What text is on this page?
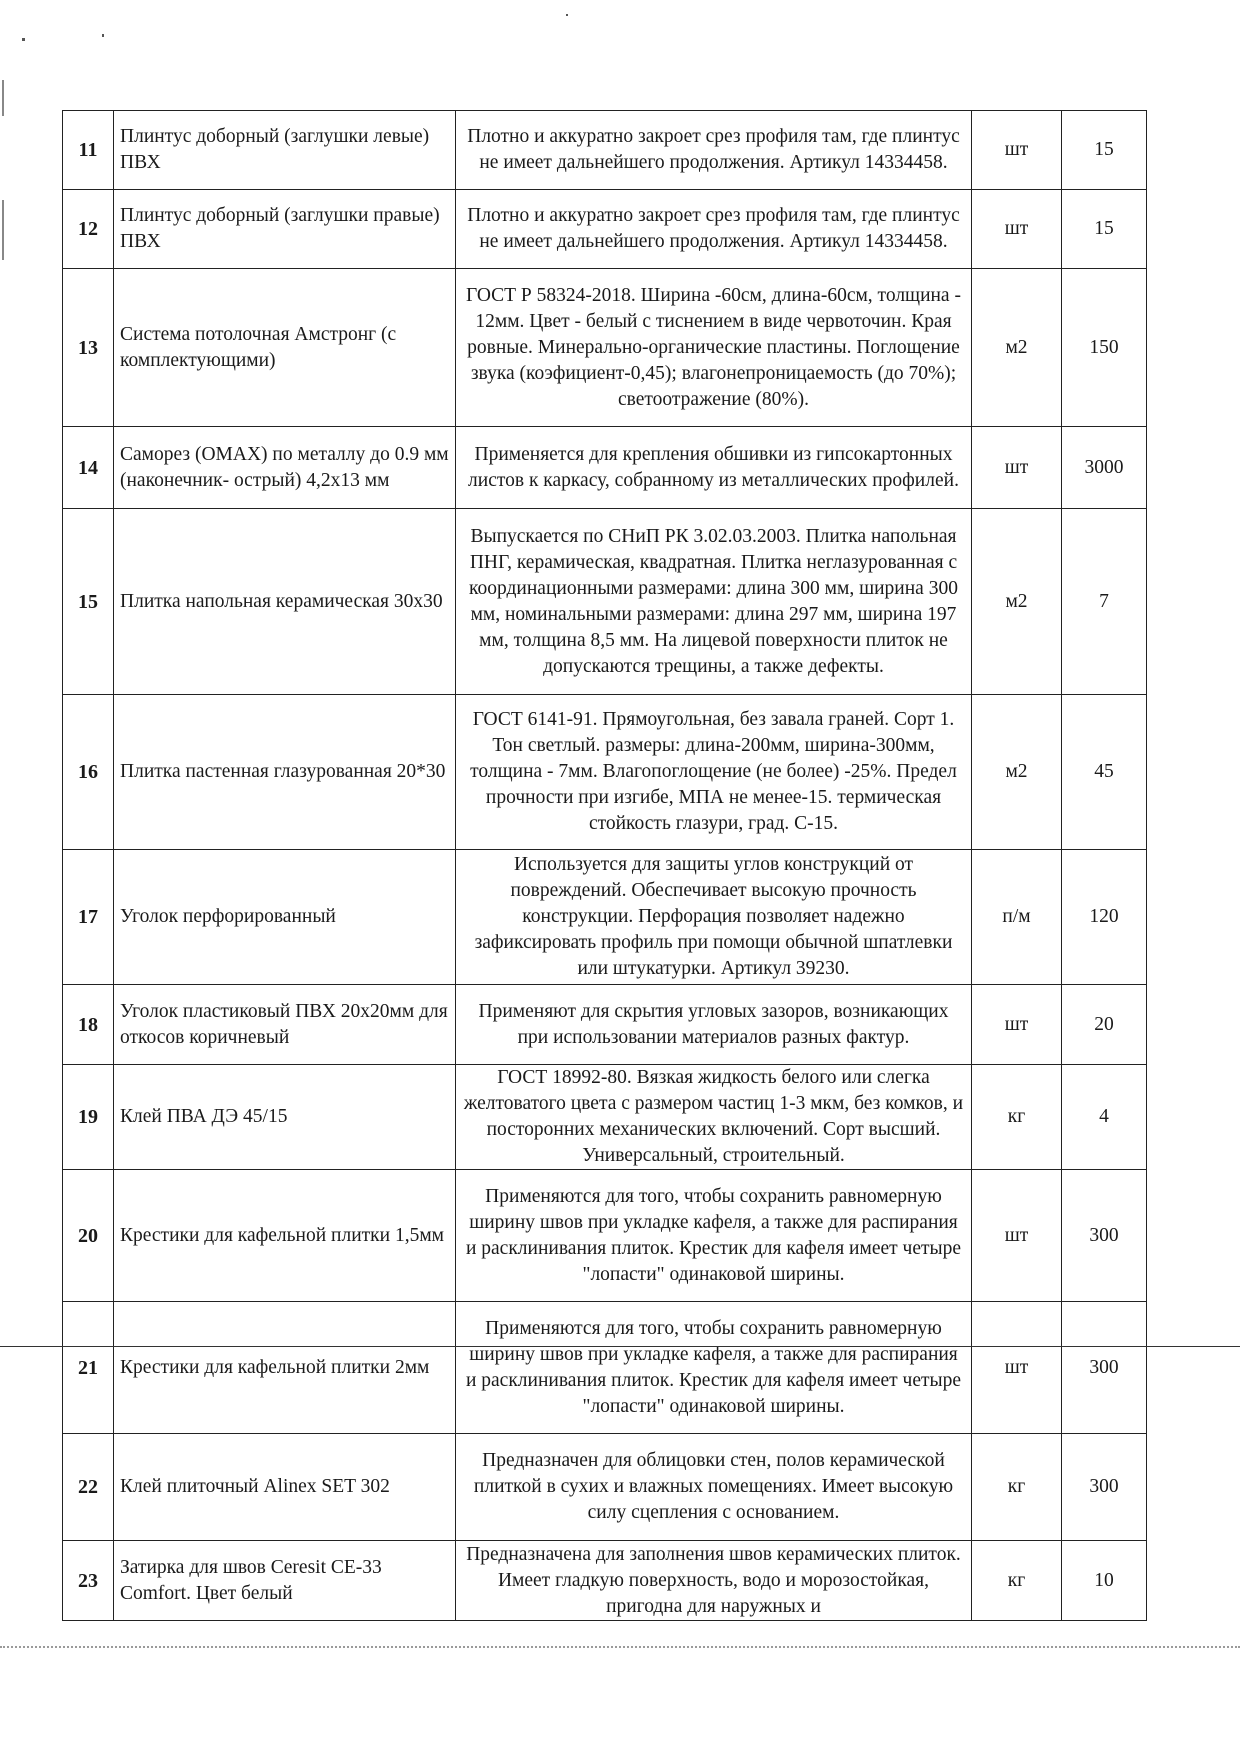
11	Плинтус доборный (заглушки левые) ПВХ	Плотно и аккуратно закроет срез профиля там, где плинтус не имеет дальнейшего продолжения. Артикул 14334458.	шт	15
12	Плинтус доборный (заглушки правые) ПВХ	Плотно и аккуратно закроет срез профиля там, где плинтус не имеет дальнейшего продолжения. Артикул 14334458.	шт	15
13	Система потолочная Амстронг (с комплектующими)	ГОСТ Р 58324-2018. Ширина -60см, длина-60см, толщина - 12мм. Цвет - белый с тиснением в виде червоточин. Края ровные. Минерально-органические пластины. Поглощение звука (коэфициент-0,45); влагонепроницаемость (до 70%); светоотражение (80%).	м2	150
14	Саморез (ОМАХ) по металлу до 0.9 мм (наконечник- острый) 4,2х13 мм	Применяется для крепления обшивки из гипсокартонных листов к каркасу, собранному из металлических профилей.	шт	3000
15	Плитка напольная керамическая 30х30	Выпускается по СНиП РК 3.02.03.2003. Плитка напольная ПНГ, керамическая, квадратная. Плитка неглазурованная с координационными размерами: длина 300 мм, ширина 300 мм, номинальными размерами: длина 297 мм, ширина 197 мм, толщина 8,5 мм. На лицевой поверхности плиток не допускаются трещины, а также дефекты.	м2	7
16	Плитка пастенная глазурованная 20*30	ГОСТ 6141-91. Прямоугольная, без завала граней. Сорт 1. Тон светлый. размеры: длина-200мм, ширина-300мм, толщина - 7мм. Влагопоглощение (не более) -25%. Предел прочности при изгибе, МПА не менее-15. термическая стойкость глазури, град. С-15.	м2	45
17	Уголок перфорированный	Используется для защиты углов конструкций от повреждений. Обеспечивает высокую прочность конструкции. Перфорация позволяет надежно зафиксировать профиль при помощи обычной шпатлевки или штукатурки. Артикул 39230.	п/м	120
18	Уголок пластиковый ПВХ 20х20мм для откосов коричневый	Применяют для скрытия угловых зазоров, возникающих при использовании материалов разных фактур.	шт	20
19	Клей ПВА ДЭ 45/15	ГОСТ 18992-80. Вязкая жидкость белого или слегка желтоватого цвета с размером частиц 1-3 мкм, без комков, и посторонних механических включений. Сорт высший. Универсальный, строительный.	кг	4
20	Крестики для кафельной плитки 1,5мм	Применяются для того, чтобы сохранить равномерную ширину швов при укладке кафеля, а также для распирания и расклинивания плиток. Крестик для кафеля имеет четыре "лопасти" одинаковой ширины.	шт	300
21	Крестики для кафельной плитки 2мм	Применяются для того, чтобы сохранить равномерную ширину швов при укладке кафеля, а также для распирания и расклинивания плиток. Крестик для кафеля имеет четыре "лопасти" одинаковой ширины.	шт	300
22	Клей плиточный Alinex SET 302	Предназначен для облицовки стен, полов керамической плиткой в сухих и влажных помещениях. Имеет высокую силу сцепления с основанием.	кг	300
23	Затирка для швов Ceresit CE-33 Comfort. Цвет белый	Предназначена для заполнения швов керамических плиток. Имеет гладкую поверхность, водо и морозостойкая, пригодна для наружных и	кг	10
